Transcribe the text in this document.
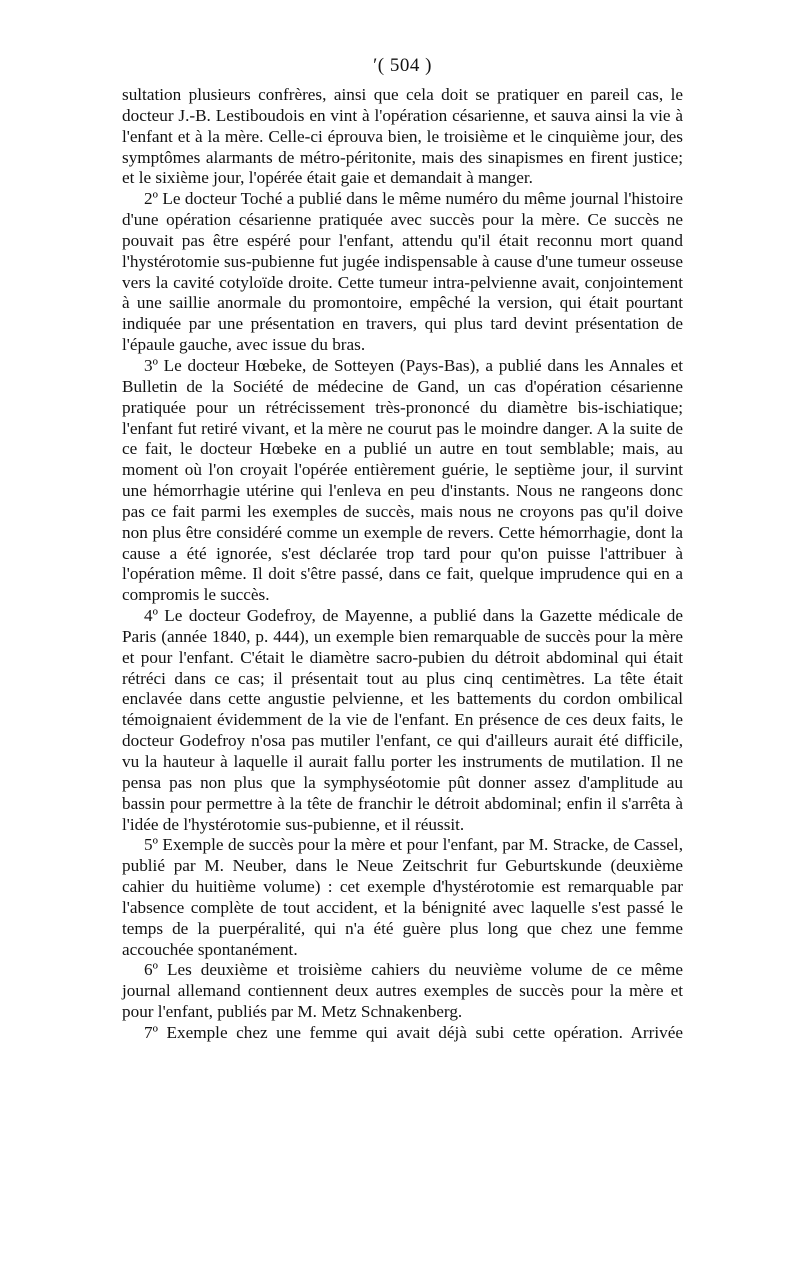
′( 504 )

sultation plusieurs confrères, ainsi que cela doit se pratiquer en pareil cas, le docteur J.-B. Lestiboudois en vint à l'opération césarienne, et sauva ainsi la vie à l'enfant et à la mère. Celle-ci éprouva bien, le troisième et le cinquième jour, des symptômes alarmants de métro-péritonite, mais des sinapismes en firent justice; et le sixième jour, l'opérée était gaie et demandait à manger.

2º Le docteur Toché a publié dans le même numéro du même journal l'histoire d'une opération césarienne pratiquée avec succès pour la mère. Ce succès ne pouvait pas être espéré pour l'enfant, attendu qu'il était reconnu mort quand l'hystérotomie sus-pubienne fut jugée indispensable à cause d'une tumeur osseuse vers la cavité cotyloïde droite. Cette tumeur intra-pelvienne avait, conjointement à une saillie anormale du promontoire, empêché la version, qui était pourtant indiquée par une présentation en travers, qui plus tard devint présentation de l'épaule gauche, avec issue du bras.

3º Le docteur Hœbeke, de Sotteyen (Pays-Bas), a publié dans les Annales et Bulletin de la Société de médecine de Gand, un cas d'opération césarienne pratiquée pour un rétrécissement très-prononcé du diamètre bis-ischiatique; l'enfant fut retiré vivant, et la mère ne courut pas le moindre danger. A la suite de ce fait, le docteur Hœbeke en a publié un autre en tout semblable; mais, au moment où l'on croyait l'opérée entièrement guérie, le septième jour, il survint une hémorrhagie utérine qui l'enleva en peu d'instants. Nous ne rangeons donc pas ce fait parmi les exemples de succès, mais nous ne croyons pas qu'il doive non plus être considéré comme un exemple de revers. Cette hémorrhagie, dont la cause a été ignorée, s'est déclarée trop tard pour qu'on puisse l'attribuer à l'opération même. Il doit s'être passé, dans ce fait, quelque imprudence qui en a compromis le succès.

4º Le docteur Godefroy, de Mayenne, a publié dans la Gazette médicale de Paris (année 1840, p. 444), un exemple bien remarquable de succès pour la mère et pour l'enfant. C'était le diamètre sacro-pubien du détroit abdominal qui était rétréci dans ce cas; il présentait tout au plus cinq centimètres. La tête était enclavée dans cette angustie pelvienne, et les battements du cordon ombilical témoignaient évidemment de la vie de l'enfant. En présence de ces deux faits, le docteur Godefroy n'osa pas mutiler l'enfant, ce qui d'ailleurs aurait été difficile, vu la hauteur à laquelle il aurait fallu porter les instruments de mutilation. Il ne pensa pas non plus que la symphyséotomie pût donner assez d'amplitude au bassin pour permettre à la tête de franchir le détroit abdominal; enfin il s'arrêta à l'idée de l'hystérotomie sus-pubienne, et il réussit.

5º Exemple de succès pour la mère et pour l'enfant, par M. Stracke, de Cassel, publié par M. Neuber, dans le Neue Zeitschrit fur Geburtskunde (deuxième cahier du huitième volume) : cet exemple d'hystérotomie est remarquable par l'absence complète de tout accident, et la bénignité avec laquelle s'est passé le temps de la puerpéralité, qui n'a été guère plus long que chez une femme accouchée spontanément.

6º Les deuxième et troisième cahiers du neuvième volume de ce même journal allemand contiennent deux autres exemples de succès pour la mère et pour l'enfant, publiés par M. Metz Schnakenberg.

7º Exemple chez une femme qui avait déjà subi cette opération. Arrivée
